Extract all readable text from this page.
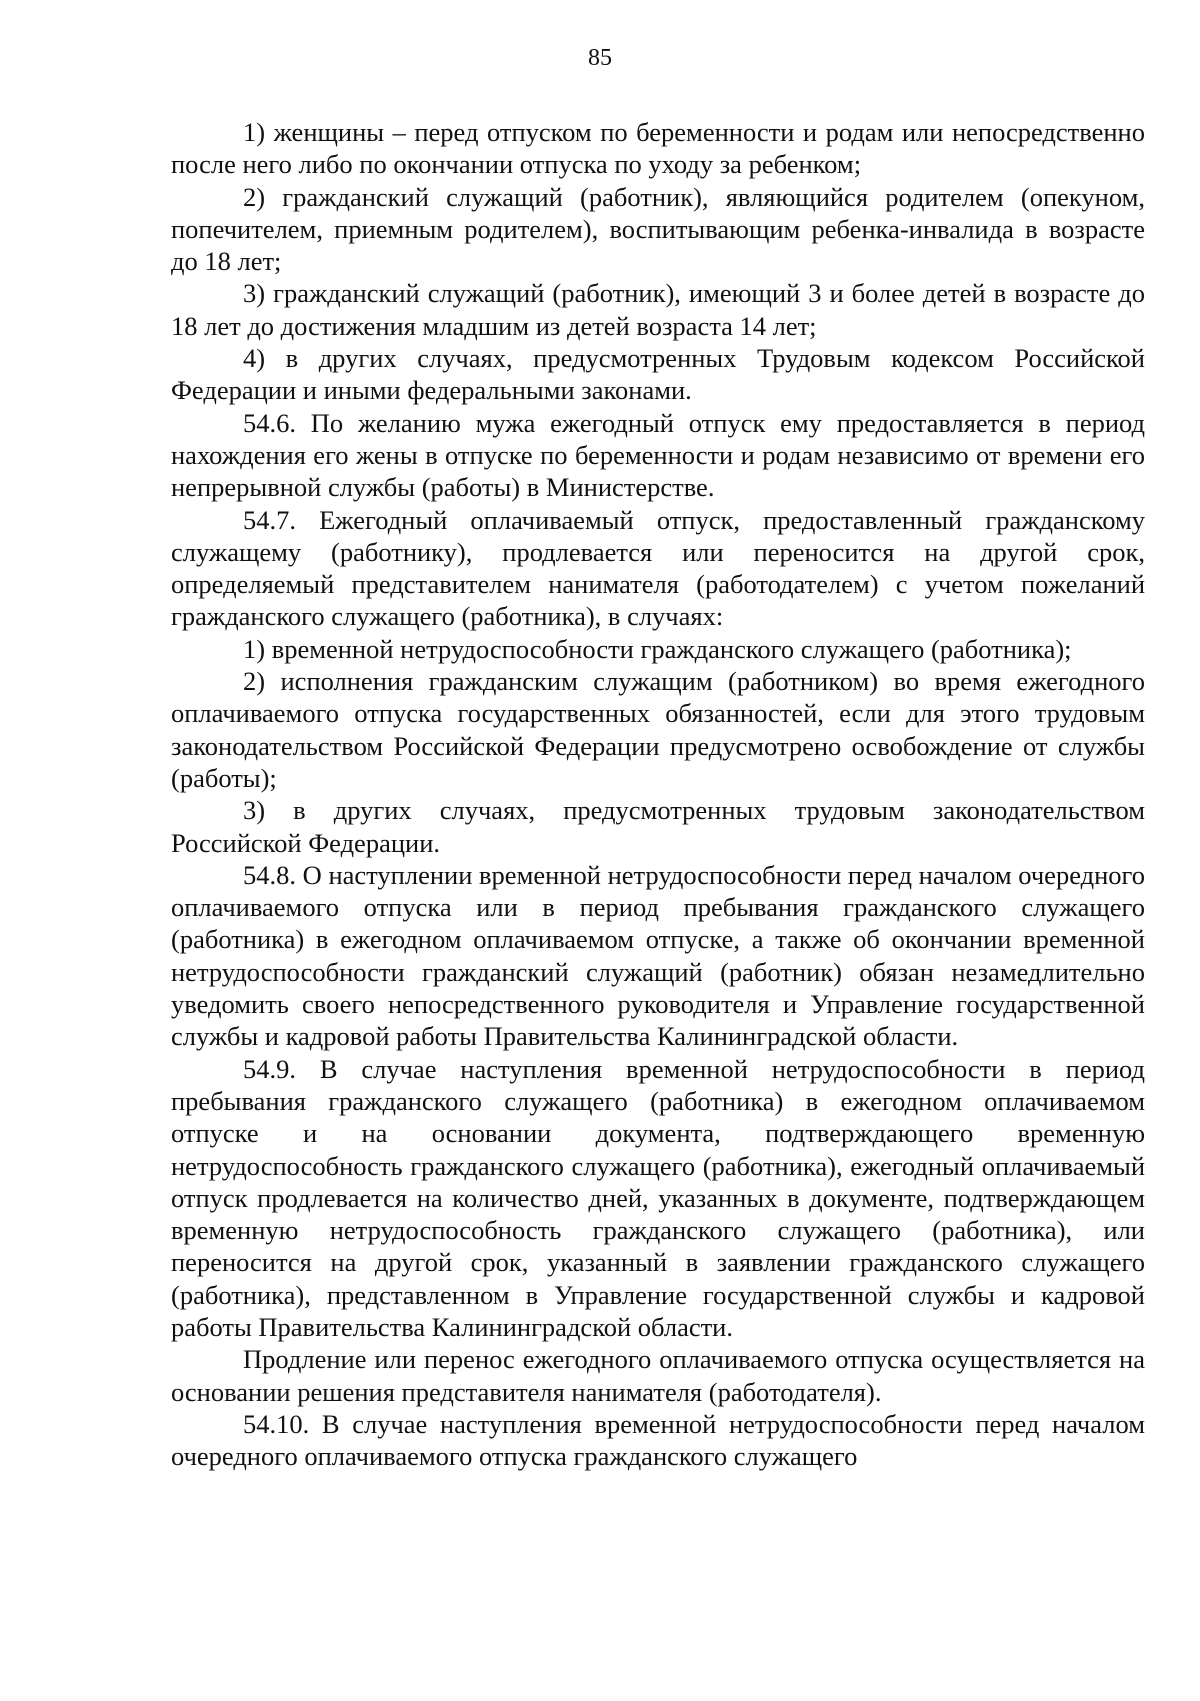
85

1) женщины – перед отпуском по беременности и родам или непосредственно после него либо по окончании отпуска по уходу за ребенком;

2) гражданский служащий (работник), являющийся родителем (опекуном, попечителем, приемным родителем), воспитывающим ребенка-инвалида в возрасте до 18 лет;

3) гражданский служащий (работник), имеющий 3 и более детей в возрасте до 18 лет до достижения младшим из детей возраста 14 лет;

4) в других случаях, предусмотренных Трудовым кодексом Российской Федерации и иными федеральными законами.

54.6. По желанию мужа ежегодный отпуск ему предоставляется в период нахождения его жены в отпуске по беременности и родам независимо от времени его непрерывной службы (работы) в Министерстве.

54.7. Ежегодный оплачиваемый отпуск, предоставленный гражданскому служащему (работнику), продлевается или переносится на другой срок, определяемый представителем нанимателя (работодателем) с учетом пожеланий гражданского служащего (работника), в случаях:

1) временной нетрудоспособности гражданского служащего (работника);

2) исполнения гражданским служащим (работником) во время ежегодного оплачиваемого отпуска государственных обязанностей, если для этого трудовым законодательством Российской Федерации предусмотрено освобождение от службы (работы);

3) в других случаях, предусмотренных трудовым законодательством Российской Федерации.

54.8. О наступлении временной нетрудоспособности перед началом очередного оплачиваемого отпуска или в период пребывания гражданского служащего (работника) в ежегодном оплачиваемом отпуске, а также об окончании временной нетрудоспособности гражданский служащий (работник) обязан незамедлительно уведомить своего непосредственного руководителя и Управление государственной службы и кадровой работы Правительства Калининградской области.

54.9. В случае наступления временной нетрудоспособности в период пребывания гражданского служащего (работника) в ежегодном оплачиваемом отпуске и на основании документа, подтверждающего временную нетрудоспособность гражданского служащего (работника), ежегодный оплачиваемый отпуск продлевается на количество дней, указанных в документе, подтверждающем временную нетрудоспособность гражданского служащего (работника), или переносится на другой срок, указанный в заявлении гражданского служащего (работника), представленном в Управление государственной службы и кадровой работы Правительства Калининградской области.

Продление или перенос ежегодного оплачиваемого отпуска осуществляется на основании решения представителя нанимателя (работодателя).

54.10. В случае наступления временной нетрудоспособности перед началом очередного оплачиваемого отпуска гражданского служащего
